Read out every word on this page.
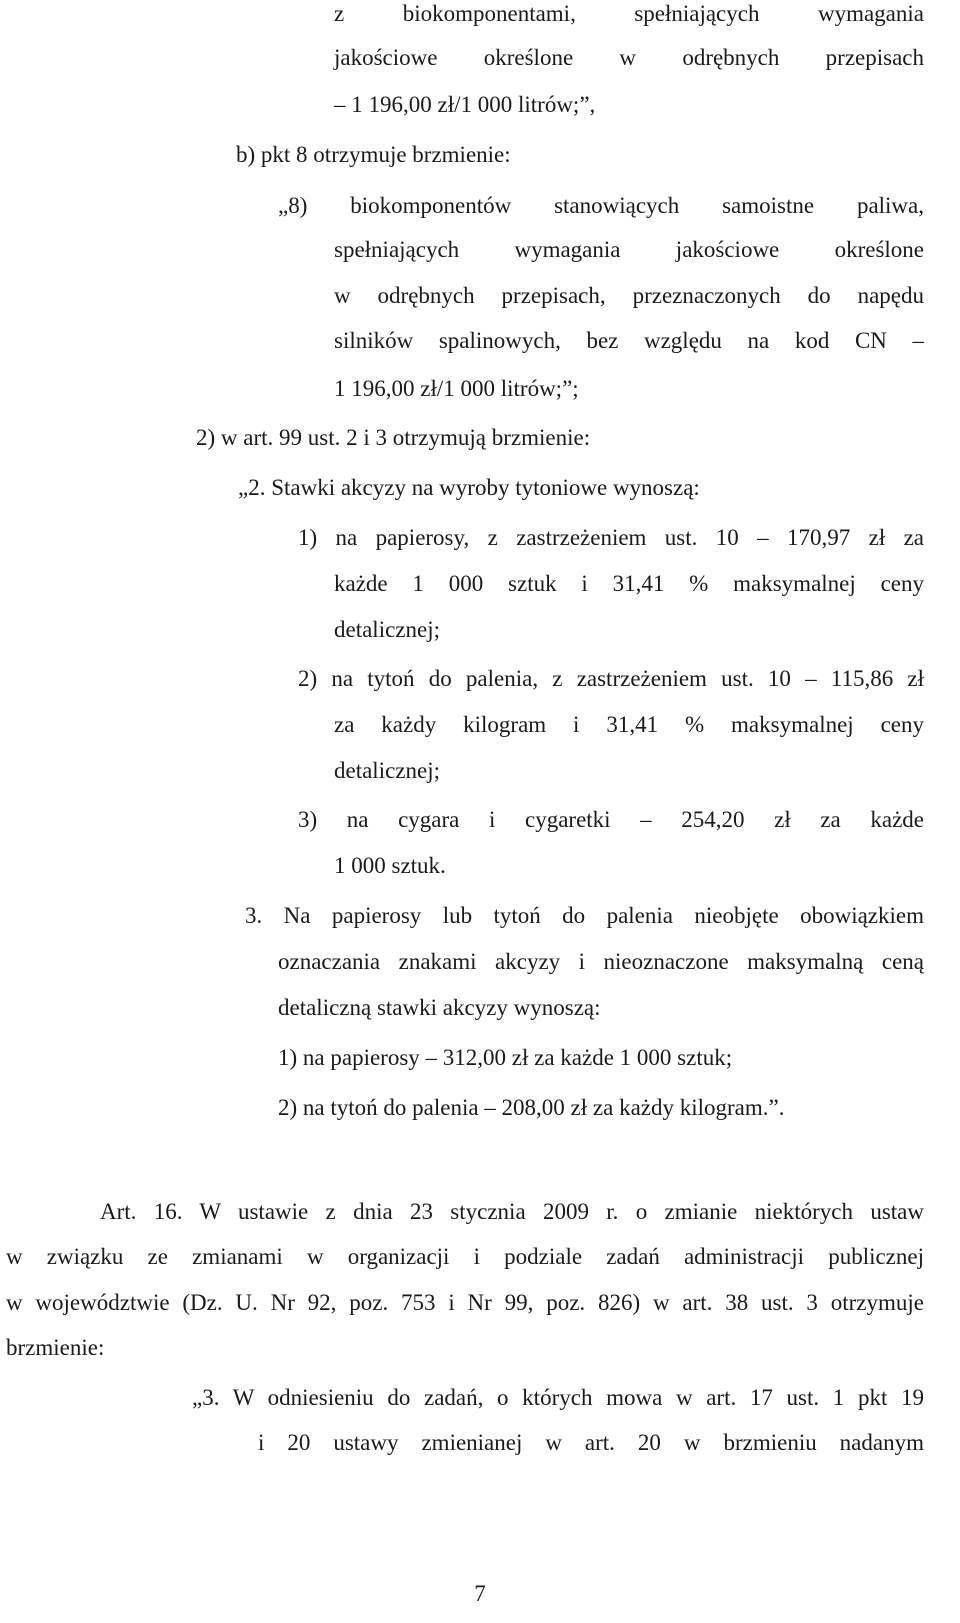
z biokomponentami, spełniających wymagania
jakościowe określone w odrębnych przepisach
– 1 196,00 zł/1 000 litrów;”,
b) pkt 8 otrzymuje brzmienie:
„8) biokomponentów stanowiących samoistne paliwa,
spełniających wymagania jakościowe określone
w odrębnych przepisach, przeznaczonych do napędu
silników spalinowych, bez względu na kod CN –
1 196,00 zł/1 000 litrów;”;
2) w art. 99 ust. 2 i 3 otrzymują brzmienie:
„2. Stawki akcyzy na wyroby tytoniowe wynoszą:
1) na papierosy, z zastrzeżeniem ust. 10 – 170,97 zł za
każde 1 000 sztuk i 31,41 % maksymalnej ceny
detalicznej;
2) na tytoń do palenia, z zastrzeżeniem ust. 10 – 115,86 zł
za każdy kilogram i 31,41 % maksymalnej ceny
detalicznej;
3) na cygara i cygaretki – 254,20 zł za każde
1 000 sztuk.
3. Na papierosy lub tytoń do palenia nieobjęte obowiązkiem
oznaczania znakami akcyzy i nieoznaczone maksymalną ceną
detaliczną stawki akcyzy wynoszą:
1) na papierosy – 312,00 zł za każde 1 000 sztuk;
2) na tytoń do palenia – 208,00 zł za każdy kilogram.”.
Art. 16. W ustawie z dnia 23 stycznia 2009 r. o zmianie niektórych ustaw
w związku ze zmianami w organizacji i podziale zadań administracji publicznej
w województwie (Dz. U. Nr 92, poz. 753 i Nr 99, poz. 826) w art. 38 ust. 3 otrzymuje
brzmienie:
„3. W odniesieniu do zadań, o których mowa w art. 17 ust. 1 pkt 19
i 20 ustawy zmienianej w art. 20 w brzmieniu nadanym
7
